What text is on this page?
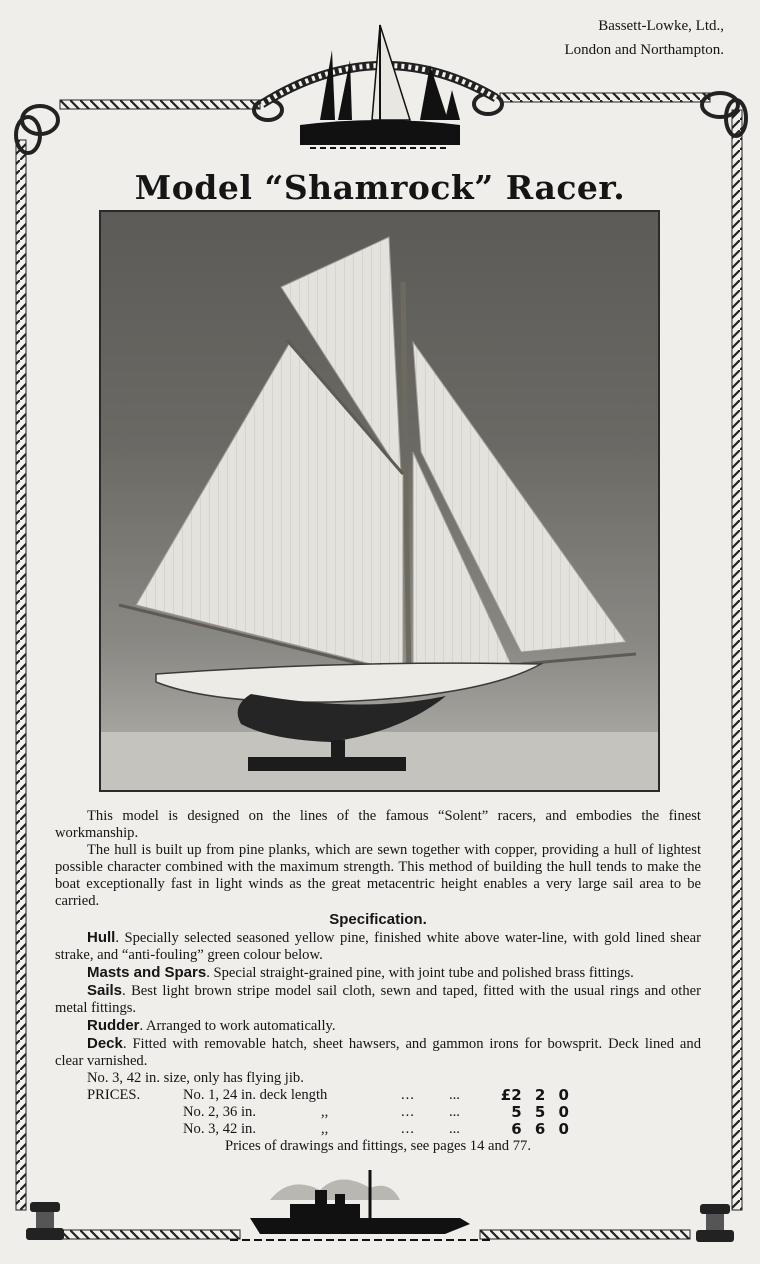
Bassett-Lowke, Ltd.,
London and Northampton.
Model “Shamrock” Racer.

This model is designed on the lines of the famous “Solent” racers, and embodies the finest workmanship.

The hull is built up from pine planks, which are sewn together with copper, providing a hull of lightest possible character combined with the maximum strength. This method of building the hull tends to make the boat exceptionally fast in light winds as the great metacentric height enables a very large sail area to be carried.

Specification.

Hull. Specially selected seasoned yellow pine, finished white above water-line, with gold lined shear strake, and “anti-fouling” green colour below.

Masts and Spars. Special straight-grained pine, with joint tube and polished brass fittings.

Sails. Best light brown stripe model sail cloth, sewn and taped, fitted with the usual rings and other metal fittings.

Rudder. Arranged to work automatically.

Deck. Fitted with removable hatch, sheet hawsers, and gammon irons for bowsprit. Deck lined and clear varnished.

No. 3, 42 in. size, only has flying jib.

PRICES.	No. 1, 24 in. deck length	...	...	£2 2 0
No. 2, 36 in.	,,	...	...	5 5 0
No. 3, 42 in.	,,	...	...	6 6 0
Prices of drawings and fittings, see pages 14 and 77.
